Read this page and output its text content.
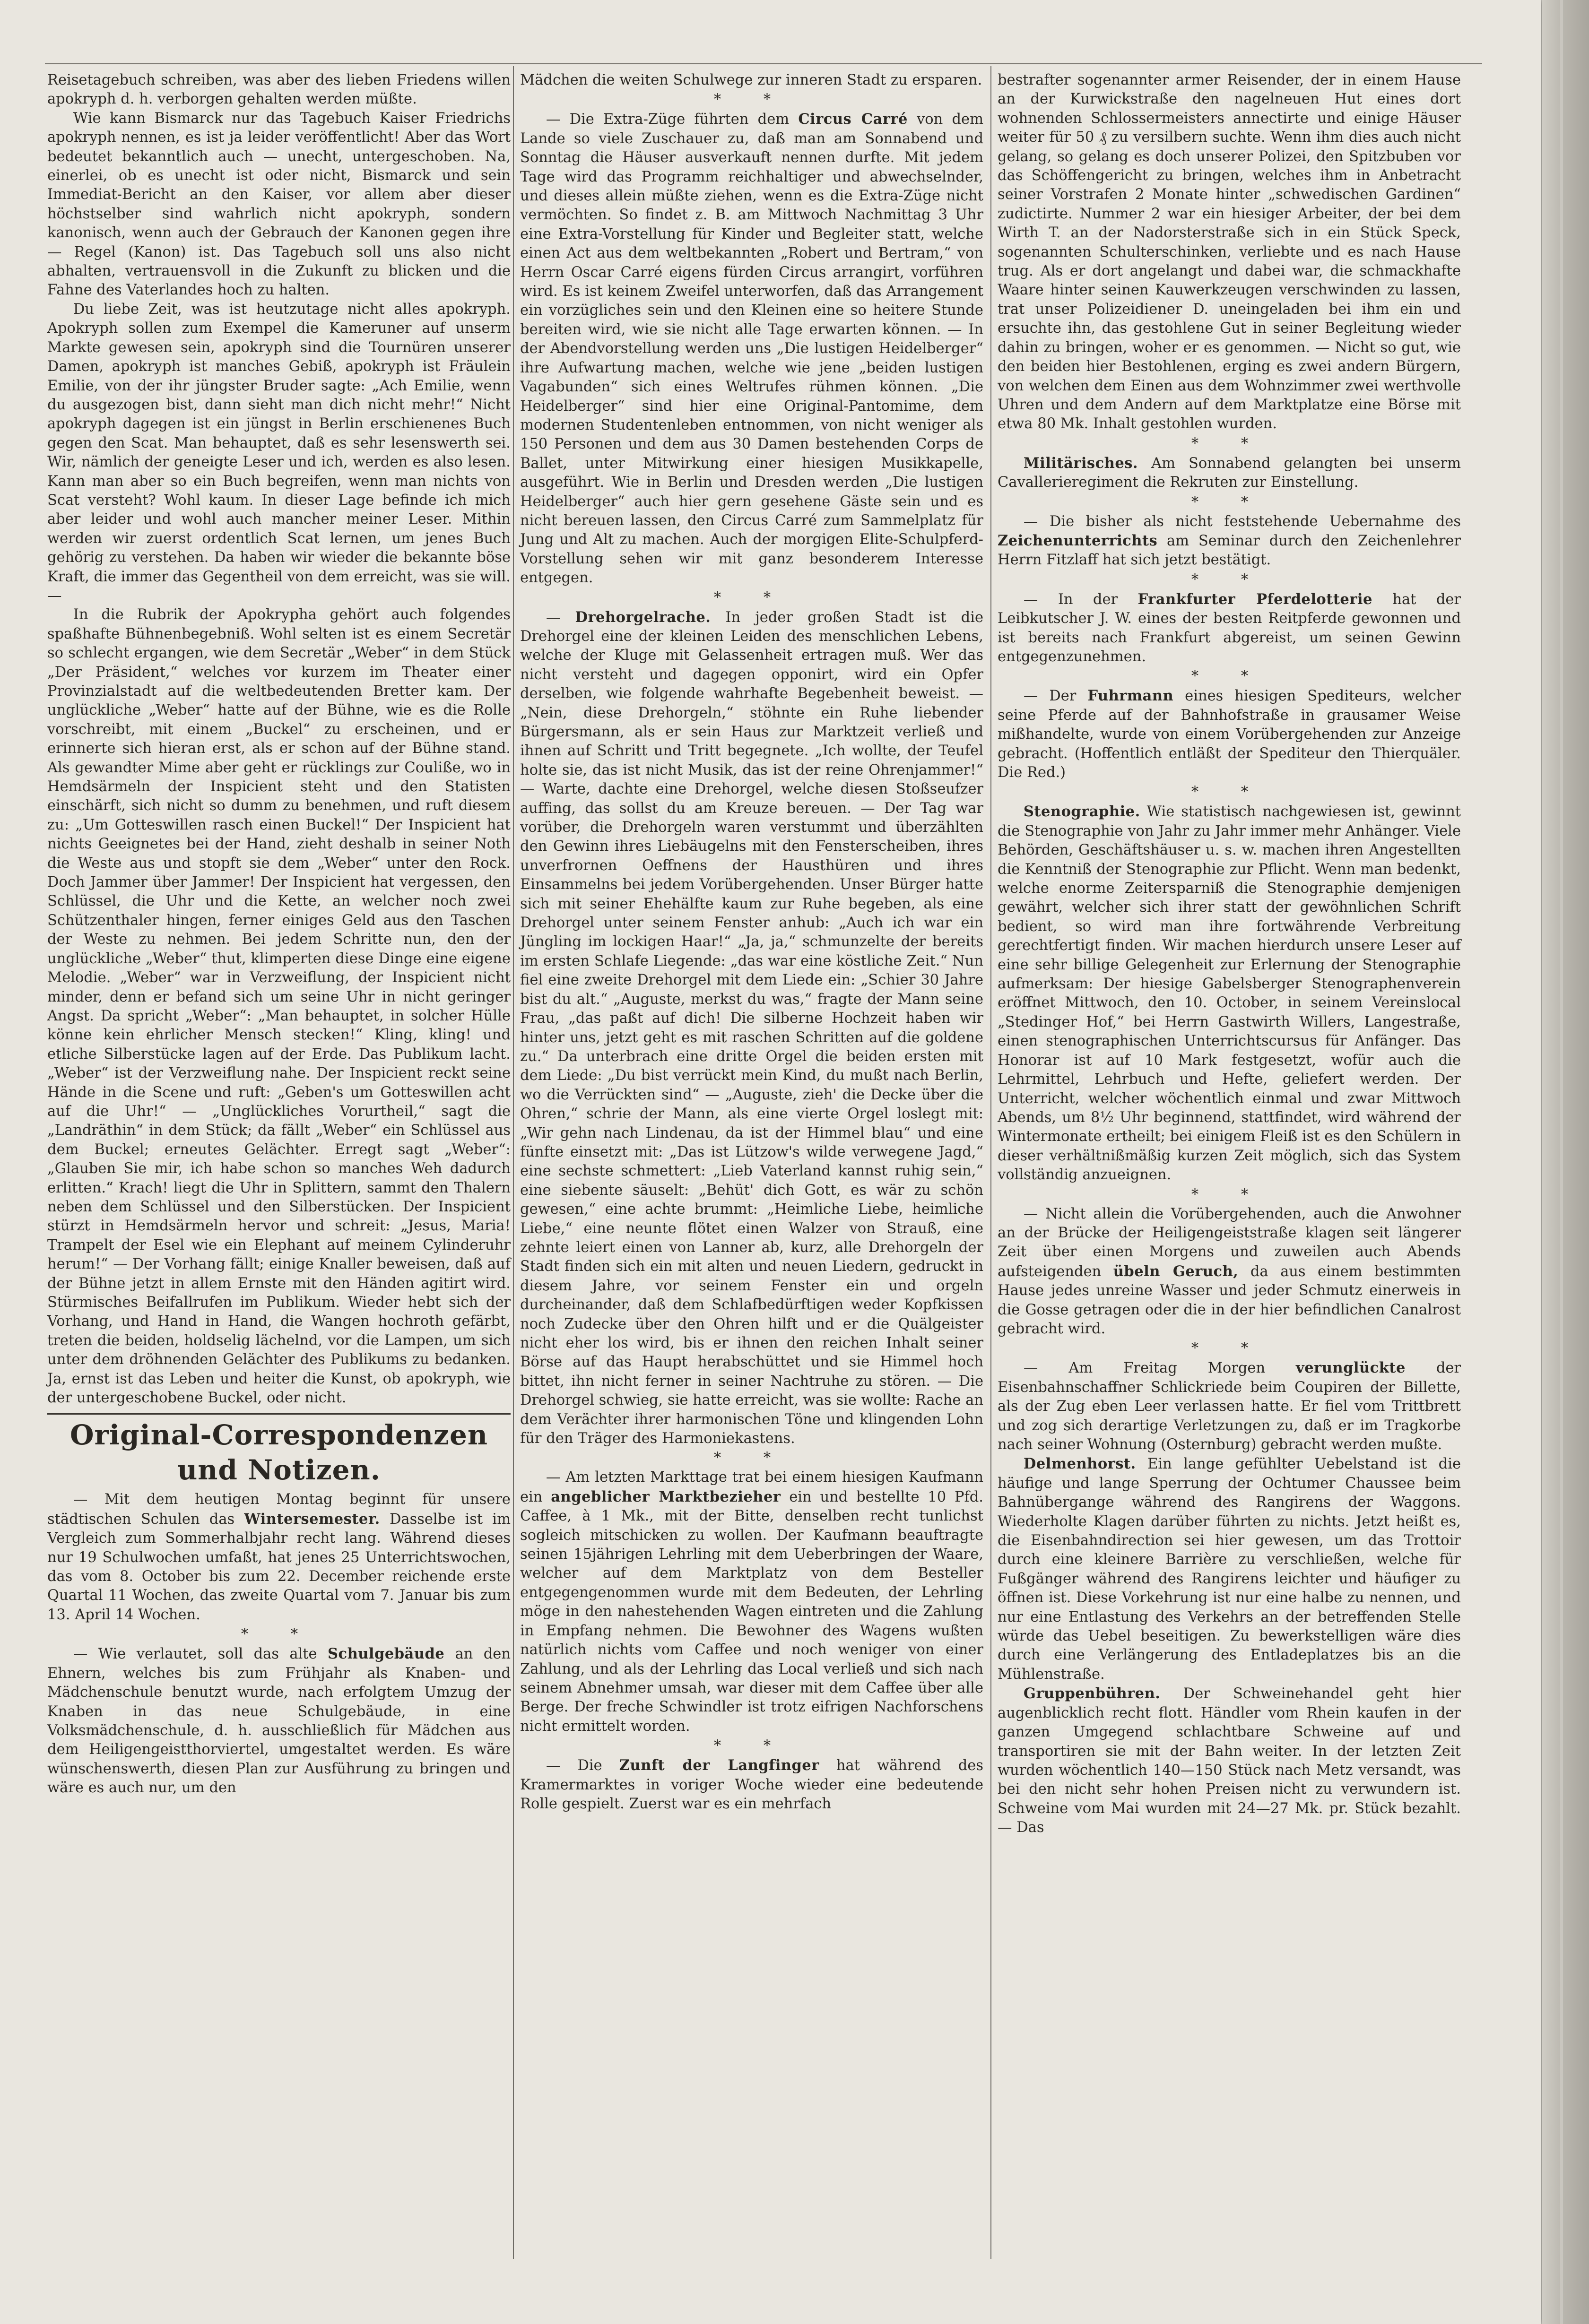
Reisetagebuch schreiben, was aber des lieben Friedens willen apokryph d. h. verborgen gehalten werden müßte.

Wie kann Bismarck nur das Tagebuch Kaiser Friedrichs apokryph nennen, es ist ja leider veröffentlicht! Aber das Wort bedeutet bekanntlich auch — unecht, untergeschoben. Na, einerlei, ob es unecht ist oder nicht, Bismarck und sein Immediat-Bericht an den Kaiser, vor allem aber dieser höchstselber sind wahrlich nicht apokryph, sondern kanonisch, wenn auch der Gebrauch der Kanonen gegen ihre — Regel (Kanon) ist. Das Tagebuch soll uns also nicht abhalten, vertrauensvoll in die Zukunft zu blicken und die Fahne des Vaterlandes hoch zu halten.

Du liebe Zeit, was ist heutzutage nicht alles apokryph. Apokryph sollen zum Exempel die Kameruner auf unserm Markte gewesen sein, apokryph sind die Tournüren unserer Damen, apokryph ist manches Gebiß, apokryph ist Fräulein Emilie, von der ihr jüngster Bruder sagte: „Ach Emilie, wenn du ausgezogen bist, dann sieht man dich nicht mehr!“ Nicht apokryph dagegen ist ein jüngst in Berlin erschienenes Buch gegen den Scat. Man behauptet, daß es sehr lesenswerth sei. Wir, nämlich der geneigte Leser und ich, werden es also lesen. Kann man aber so ein Buch begreifen, wenn man nichts von Scat versteht? Wohl kaum. In dieser Lage befinde ich mich aber leider und wohl auch mancher meiner Leser. Mithin werden wir zuerst ordentlich Scat lernen, um jenes Buch gehörig zu verstehen. Da haben wir wieder die bekannte böse Kraft, die immer das Gegentheil von dem erreicht, was sie will. —

In die Rubrik der Apokrypha gehört auch folgendes spaßhafte Bühnenbegebniß. Wohl selten ist es einem Secretär so schlecht ergangen, wie dem Secretär „Weber“ in dem Stück „Der Präsident,“ welches vor kurzem im Theater einer Provinzialstadt auf die weltbedeutenden Bretter kam. Der unglückliche „Weber“ hatte auf der Bühne, wie es die Rolle vorschreibt, mit einem „Buckel“ zu erscheinen, und er erinnerte sich hieran erst, als er schon auf der Bühne stand. Als gewandter Mime aber geht er rücklings zur Couliße, wo in Hemdsärmeln der Inspicient steht und den Statisten einschärft, sich nicht so dumm zu benehmen, und ruft diesem zu: „Um Gotteswillen rasch einen Buckel!“ Der Inspicient hat nichts Geeignetes bei der Hand, zieht deshalb in seiner Noth die Weste aus und stopft sie dem „Weber“ unter den Rock. Doch Jammer über Jammer! Der Inspicient hat vergessen, den Schlüssel, die Uhr und die Kette, an welcher noch zwei Schützenthaler hingen, ferner einiges Geld aus den Taschen der Weste zu nehmen. Bei jedem Schritte nun, den der unglückliche „Weber“ thut, klimperten diese Dinge eine eigene Melodie. „Weber“ war in Verzweiflung, der Inspicient nicht minder, denn er befand sich um seine Uhr in nicht geringer Angst. Da spricht „Weber“: „Man behauptet, in solcher Hülle könne kein ehrlicher Mensch stecken!“ Kling, kling! und etliche Silberstücke lagen auf der Erde. Das Publikum lacht. „Weber“ ist der Verzweiflung nahe. Der Inspicient reckt seine Hände in die Scene und ruft: „Geben's um Gotteswillen acht auf die Uhr!“ — „Unglückliches Vorurtheil,“ sagt die „Landräthin“ in dem Stück; da fällt „Weber“ ein Schlüssel aus dem Buckel; erneutes Gelächter. Erregt sagt „Weber“: „Glauben Sie mir, ich habe schon so manches Weh dadurch erlitten.“ Krach! liegt die Uhr in Splittern, sammt den Thalern neben dem Schlüssel und den Silberstücken. Der Inspicient stürzt in Hemdsärmeln hervor und schreit: „Jesus, Maria! Trampelt der Esel wie ein Elephant auf meinem Cylinderuhr herum!“ — Der Vorhang fällt; einige Knaller beweisen, daß auf der Bühne jetzt in allem Ernste mit den Händen agitirt wird. Stürmisches Beifallrufen im Publikum. Wieder hebt sich der Vorhang, und Hand in Hand, die Wangen hochroth gefärbt, treten die beiden, holdselig lächelnd, vor die Lampen, um sich unter dem dröhnenden Gelächter des Publikums zu bedanken. Ja, ernst ist das Leben und heiter die Kunst, ob apokryph, wie der untergeschobene Buckel, oder nicht.

Original-Correspondenzen und Notizen.

— Mit dem heutigen Montag beginnt für unsere städtischen Schulen das Wintersemester. Dasselbe ist im Vergleich zum Sommerhalbjahr recht lang. Während dieses nur 19 Schulwochen umfaßt, hat jenes 25 Unterrichtswochen, das vom 8. October bis zum 22. December reichende erste Quartal 11 Wochen, das zweite Quartal vom 7. Januar bis zum 13. April 14 Wochen.

* *

— Wie verlautet, soll das alte Schulgebäude an den Ehnern, welches bis zum Frühjahr als Knaben- und Mädchenschule benutzt wurde, nach erfolgtem Umzug der Knaben in das neue Schulgebäude, in eine Volksmädchenschule, d. h. ausschließlich für Mädchen aus dem Heiligengeistthorviertel, umgestaltet werden. Es wäre wünschenswerth, diesen Plan zur Ausführung zu bringen und wäre es auch nur, um den

Mädchen die weiten Schulwege zur inneren Stadt zu ersparen.

* *

— Die Extra-Züge führten dem Circus Carré von dem Lande so viele Zuschauer zu, daß man am Sonnabend und Sonntag die Häuser ausverkauft nennen durfte. Mit jedem Tage wird das Programm reichhaltiger und abwechselnder, und dieses allein müßte ziehen, wenn es die Extra-Züge nicht vermöchten. So findet z. B. am Mittwoch Nachmittag 3 Uhr eine Extra-Vorstellung für Kinder und Begleiter statt, welche einen Act aus dem weltbekannten „Robert und Bertram,“ von Herrn Oscar Carré eigens fürden Circus arrangirt, vorführen wird. Es ist keinem Zweifel unterworfen, daß das Arrangement ein vorzügliches sein und den Kleinen eine so heitere Stunde bereiten wird, wie sie nicht alle Tage erwarten können. — In der Abendvorstellung werden uns „Die lustigen Heidelberger“ ihre Aufwartung machen, welche wie jene „beiden lustigen Vagabunden“ sich eines Weltrufes rühmen können. „Die Heidelberger“ sind hier eine Original-Pantomime, dem modernen Studentenleben entnommen, von nicht weniger als 150 Personen und dem aus 30 Damen bestehenden Corps de Ballet, unter Mitwirkung einer hiesigen Musikkapelle, ausgeführt. Wie in Berlin und Dresden werden „Die lustigen Heidelberger“ auch hier gern gesehene Gäste sein und es nicht bereuen lassen, den Circus Carré zum Sammelplatz für Jung und Alt zu machen. Auch der morgigen Elite-Schulpferd-Vorstellung sehen wir mit ganz besonderem Interesse entgegen.

* *

— Drehorgelrache. In jeder großen Stadt ist die Drehorgel eine der kleinen Leiden des menschlichen Lebens, welche der Kluge mit Gelassenheit ertragen muß. Wer das nicht versteht und dagegen opponirt, wird ein Opfer derselben, wie folgende wahrhafte Begebenheit beweist. — „Nein, diese Drehorgeln,“ stöhnte ein Ruhe liebender Bürgersmann, als er sein Haus zur Marktzeit verließ und ihnen auf Schritt und Tritt begegnete. „Ich wollte, der Teufel holte sie, das ist nicht Musik, das ist der reine Ohrenjammer!“ — Warte, dachte eine Drehorgel, welche diesen Stoßseufzer auffing, das sollst du am Kreuze bereuen. — Der Tag war vorüber, die Drehorgeln waren verstummt und überzählten den Gewinn ihres Liebäugelns mit den Fensterscheiben, ihres unverfrornen Oeffnens der Hausthüren und ihres Einsammelns bei jedem Vorübergehenden. Unser Bürger hatte sich mit seiner Ehehälfte kaum zur Ruhe begeben, als eine Drehorgel unter seinem Fenster anhub: „Auch ich war ein Jüngling im lockigen Haar!“ „Ja, ja,“ schmunzelte der bereits im ersten Schlafe Liegende: „das war eine köstliche Zeit.“ Nun fiel eine zweite Drehorgel mit dem Liede ein: „Schier 30 Jahre bist du alt.“ „Auguste, merkst du was,“ fragte der Mann seine Frau, „das paßt auf dich! Die silberne Hochzeit haben wir hinter uns, jetzt geht es mit raschen Schritten auf die goldene zu.“ Da unterbrach eine dritte Orgel die beiden ersten mit dem Liede: „Du bist verrückt mein Kind, du mußt nach Berlin, wo die Verrückten sind“ — „Auguste, zieh' die Decke über die Ohren,“ schrie der Mann, als eine vierte Orgel loslegt mit: „Wir gehn nach Lindenau, da ist der Himmel blau“ und eine fünfte einsetzt mit: „Das ist Lützow's wilde verwegene Jagd,“ eine sechste schmettert: „Lieb Vaterland kannst ruhig sein,“ eine siebente säuselt: „Behüt' dich Gott, es wär zu schön gewesen,“ eine achte brummt: „Heimliche Liebe, heimliche Liebe,“ eine neunte flötet einen Walzer von Strauß, eine zehnte leiert einen von Lanner ab, kurz, alle Drehorgeln der Stadt finden sich ein mit alten und neuen Liedern, gedruckt in diesem Jahre, vor seinem Fenster ein und orgeln durcheinander, daß dem Schlafbedürftigen weder Kopfkissen noch Zudecke über den Ohren hilft und er die Quälgeister nicht eher los wird, bis er ihnen den reichen Inhalt seiner Börse auf das Haupt herabschüttet und sie Himmel hoch bittet, ihn nicht ferner in seiner Nachtruhe zu stören. — Die Drehorgel schwieg, sie hatte erreicht, was sie wollte: Rache an dem Verächter ihrer harmonischen Töne und klingenden Lohn für den Träger des Harmoniekastens.

* *

— Am letzten Markttage trat bei einem hiesigen Kaufmann ein angeblicher Marktbezieher ein und bestellte 10 Pfd. Caffee, à 1 Mk., mit der Bitte, denselben recht tunlichst sogleich mitschicken zu wollen. Der Kaufmann beauftragte seinen 15jährigen Lehrling mit dem Ueberbringen der Waare, welcher auf dem Marktplatz von dem Besteller entgegengenommen wurde mit dem Bedeuten, der Lehrling möge in den nahestehenden Wagen eintreten und die Zahlung in Empfang nehmen. Die Bewohner des Wagens wußten natürlich nichts vom Caffee und noch weniger von einer Zahlung, und als der Lehrling das Local verließ und sich nach seinem Abnehmer umsah, war dieser mit dem Caffee über alle Berge. Der freche Schwindler ist trotz eifrigen Nachforschens nicht ermittelt worden.

* *

— Die Zunft der Langfinger hat während des Kramermarktes in voriger Woche wieder eine bedeutende Rolle gespielt. Zuerst war es ein mehrfach

bestrafter sogenannter armer Reisender, der in einem Hause an der Kurwickstraße den nagelneuen Hut eines dort wohnenden Schlossermeisters annectirte und einige Häuser weiter für 50 ₰ zu versilbern suchte. Wenn ihm dies auch nicht gelang, so gelang es doch unserer Polizei, den Spitzbuben vor das Schöffengericht zu bringen, welches ihm in Anbetracht seiner Vorstrafen 2 Monate hinter „schwedischen Gardinen“ zudictirte. Nummer 2 war ein hiesiger Arbeiter, der bei dem Wirth T. an der Nadorsterstraße sich in ein Stück Speck, sogenannten Schulterschinken, verliebte und es nach Hause trug. Als er dort angelangt und dabei war, die schmackhafte Waare hinter seinen Kauwerkzeugen verschwinden zu lassen, trat unser Polizeidiener D. uneingeladen bei ihm ein und ersuchte ihn, das gestohlene Gut in seiner Begleitung wieder dahin zu bringen, woher er es genommen. — Nicht so gut, wie den beiden hier Bestohlenen, erging es zwei andern Bürgern, von welchen dem Einen aus dem Wohnzimmer zwei werthvolle Uhren und dem Andern auf dem Marktplatze eine Börse mit etwa 80 Mk. Inhalt gestohlen wurden.

* *

Militärisches. Am Sonnabend gelangten bei unserm Cavallerieregiment die Rekruten zur Einstellung.

* *

— Die bisher als nicht feststehende Uebernahme des Zeichenunterrichts am Seminar durch den Zeichenlehrer Herrn Fitzlaff hat sich jetzt bestätigt.

* *

— In der Frankfurter Pferdelotterie hat der Leibkutscher J. W. eines der besten Reitpferde gewonnen und ist bereits nach Frankfurt abgereist, um seinen Gewinn entgegenzunehmen.

* *

— Der Fuhrmann eines hiesigen Spediteurs, welcher seine Pferde auf der Bahnhofstraße in grausamer Weise mißhandelte, wurde von einem Vorübergehenden zur Anzeige gebracht. (Hoffentlich entläßt der Spediteur den Thierquäler. Die Red.)

* *

Stenographie. Wie statistisch nachgewiesen ist, gewinnt die Stenographie von Jahr zu Jahr immer mehr Anhänger. Viele Behörden, Geschäftshäuser u. s. w. machen ihren Angestellten die Kenntniß der Stenographie zur Pflicht. Wenn man bedenkt, welche enorme Zeitersparniß die Stenographie demjenigen gewährt, welcher sich ihrer statt der gewöhnlichen Schrift bedient, so wird man ihre fortwährende Verbreitung gerechtfertigt finden. Wir machen hierdurch unsere Leser auf eine sehr billige Gelegenheit zur Erlernung der Stenographie aufmerksam: Der hiesige Gabelsberger Stenographenverein eröffnet Mittwoch, den 10. October, in seinem Vereinslocal „Stedinger Hof,“ bei Herrn Gastwirth Willers, Langestraße, einen stenographischen Unterrichtscursus für Anfänger. Das Honorar ist auf 10 Mark festgesetzt, wofür auch die Lehrmittel, Lehrbuch und Hefte, geliefert werden. Der Unterricht, welcher wöchentlich einmal und zwar Mittwoch Abends, um 8½ Uhr beginnend, stattfindet, wird während der Wintermonate ertheilt; bei einigem Fleiß ist es den Schülern in dieser verhältnißmäßig kurzen Zeit möglich, sich das System vollständig anzueignen.

* *

— Nicht allein die Vorübergehenden, auch die Anwohner an der Brücke der Heiligengeiststraße klagen seit längerer Zeit über einen Morgens und zuweilen auch Abends aufsteigenden übeln Geruch, da aus einem bestimmten Hause jedes unreine Wasser und jeder Schmutz einerweis in die Gosse getragen oder die in der hier befindlichen Canalrost gebracht wird.

* *

— Am Freitag Morgen verunglückte der Eisenbahnschaffner Schlickriede beim Coupiren der Billette, als der Zug eben Leer verlassen hatte. Er fiel vom Trittbrett und zog sich derartige Verletzungen zu, daß er im Tragkorbe nach seiner Wohnung (Osternburg) gebracht werden mußte.

Delmenhorst. Ein lange gefühlter Uebelstand ist die häufige und lange Sperrung der Ochtumer Chaussee beim Bahnübergange während des Rangirens der Waggons. Wiederholte Klagen darüber führten zu nichts. Jetzt heißt es, die Eisenbahndirection sei hier gewesen, um das Trottoir durch eine kleinere Barrière zu verschließen, welche für Fußgänger während des Rangirens leichter und häufiger zu öffnen ist. Diese Vorkehrung ist nur eine halbe zu nennen, und nur eine Entlastung des Verkehrs an der betreffenden Stelle würde das Uebel beseitigen. Zu bewerkstelligen wäre dies durch eine Verlängerung des Entladeplatzes bis an die Mühlenstraße.

Gruppenbühren. Der Schweinehandel geht hier augenblicklich recht flott. Händler vom Rhein kaufen in der ganzen Umgegend schlachtbare Schweine auf und transportiren sie mit der Bahn weiter. In der letzten Zeit wurden wöchentlich 140—150 Stück nach Metz versandt, was bei den nicht sehr hohen Preisen nicht zu verwundern ist. Schweine vom Mai wurden mit 24—27 Mk. pr. Stück bezahlt. — Das
